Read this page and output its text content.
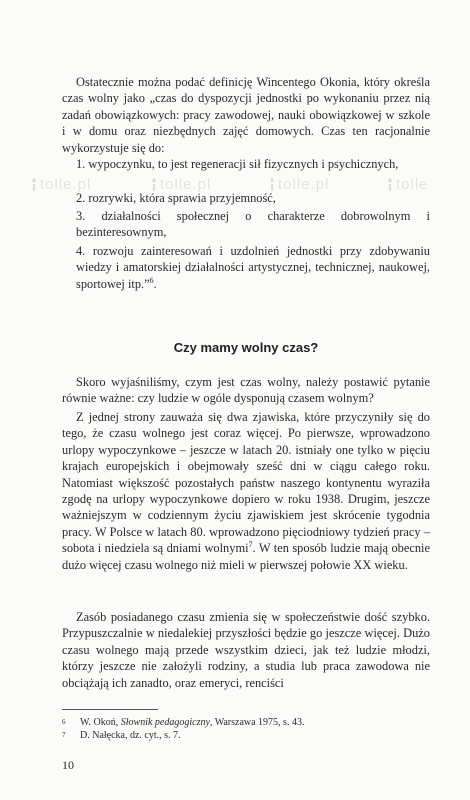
tolle.pl	tolle.pl	tolle.pl	tolle

Ostatecznie można podać definicję Wincentego Okonia, który określa czas wolny jako „czas do dyspozycji jednostki po wykonaniu przez nią zadań obowiązkowych: pracy zawodowej, nauki obowiązkowej w szkole i w domu oraz niezbędnych zajęć domowych. Czas ten racjonalnie wykorzystuje się do:

1. wypoczynku, to jest regeneracji sił fizycznych i psychicznych,

2. rozrywki, która sprawia przyjemność,

3. działalności społecznej o charakterze dobrowolnym i bezinteresownym,

4. rozwoju zainteresowań i uzdolnień jednostki przy zdobywaniu wiedzy i amatorskiej działalności artystycznej, technicznej, naukowej, sportowej itp.”$^6$.

Czy mamy wolny czas?

Skoro wyjaśniliśmy, czym jest czas wolny, należy postawić pytanie równie ważne: czy ludzie w ogóle dysponują czasem wolnym?

Z jednej strony zauważa się dwa zjawiska, które przyczyniły się do tego, że czasu wolnego jest coraz więcej. Po pierwsze, wprowadzono urlopy wypoczynkowe – jeszcze w latach 20. istniały one tylko w pięciu krajach europejskich i obejmowały sześć dni w ciągu całego roku. Natomiast większość pozostałych państw naszego kontynentu wyraziła zgodę na urlopy wypoczynkowe dopiero w roku 1938. Drugim, jeszcze ważniejszym w codziennym życiu zjawiskiem jest skrócenie tygodnia pracy. W Polsce w latach 80. wprowadzono pięciodniowy tydzień pracy – sobota i niedziela są dniami wolnymi$^7$. W ten sposób ludzie mają obecnie dużo więcej czasu wolnego niż mieli w pierwszej połowie XX wieku.

Zasób posiadanego czasu zmienia się w społeczeństwie dość szybko. Przypuszczalnie w niedalekiej przyszłości będzie go jeszcze więcej. Dużo czasu wolnego mają przede wszystkim dzieci, jak też ludzie młodzi, którzy jeszcze nie założyli rodziny, a studia lub praca zawodowa nie obciążają ich zanadto, oraz emeryci, renciści

6 W. Okoń, Słownik pedagogiczny, Warszawa 1975, s. 43.

7 D. Nałęcka, dz. cyt., s. 7.

10
